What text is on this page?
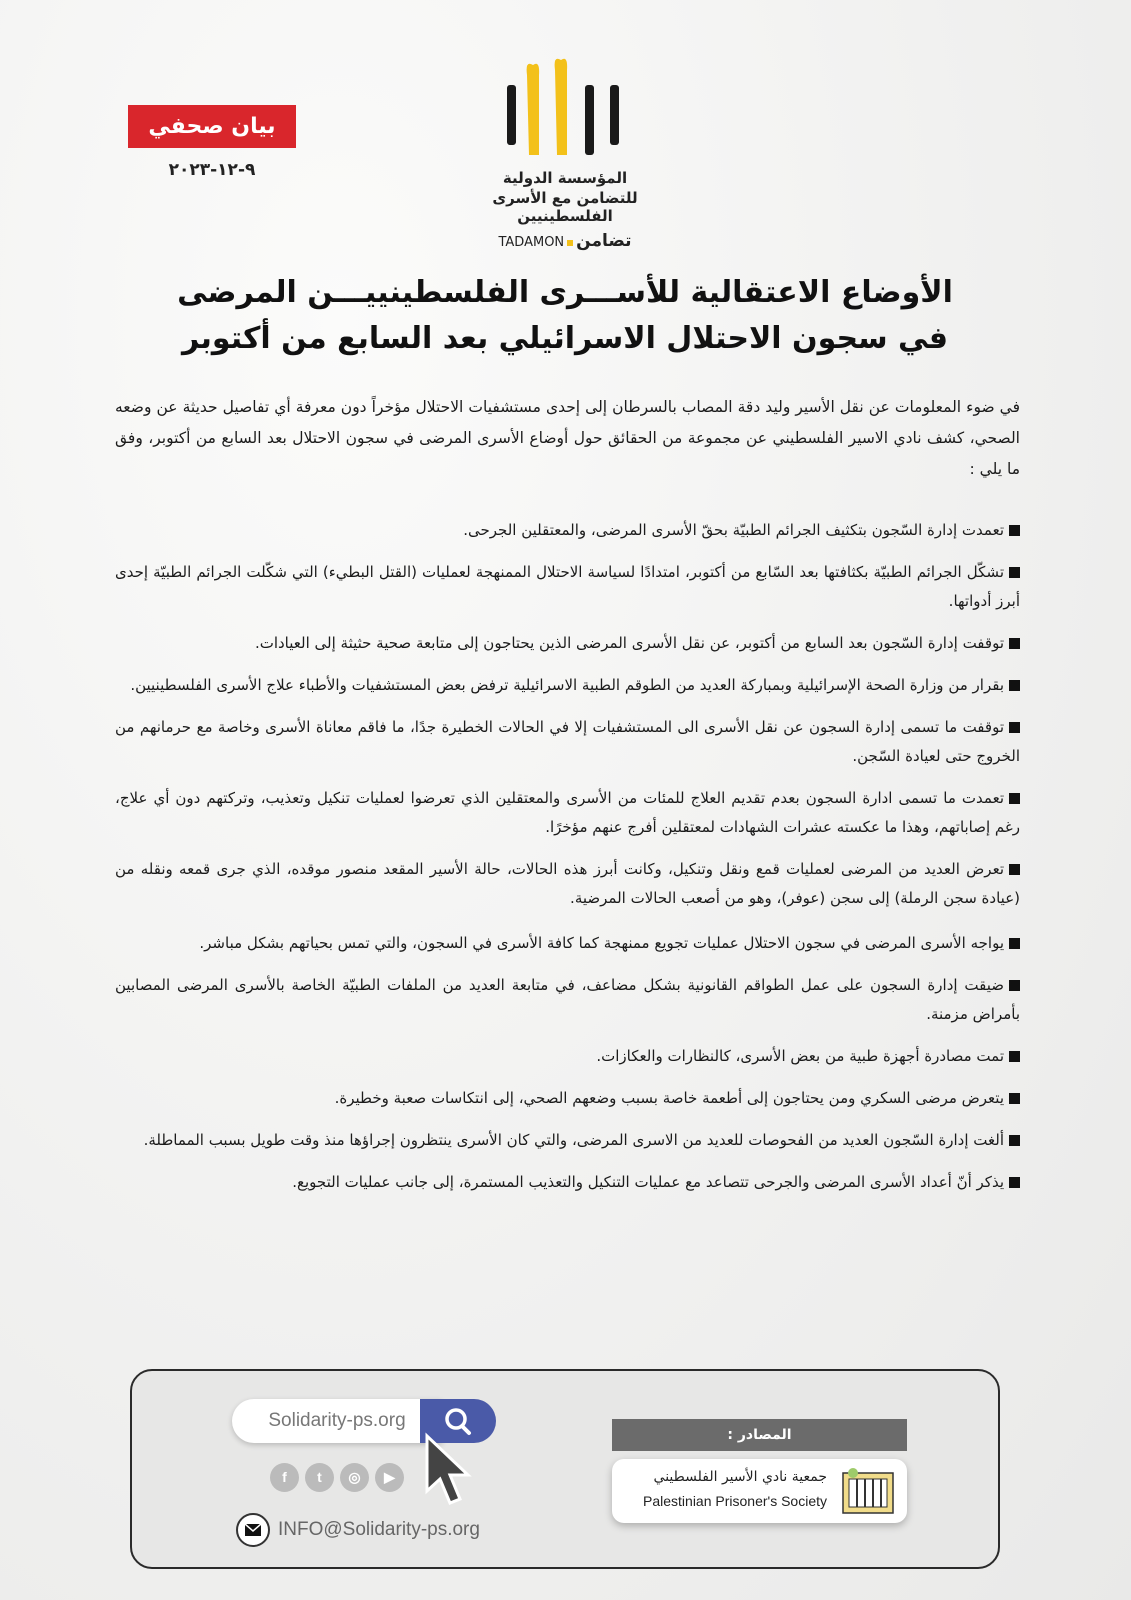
المؤسسة الدولية
للتضامن مع الأسرى الفلسطينيين
TADAMON تضامن
بيان صحفي
٩-١٢-٢٠٢٣
الأوضاع الاعتقالية للأســـرى الفلسطينييـــن المرضى
في سجون الاحتلال الاسرائيلي بعد السابع من أكتوبر
في ضوء المعلومات عن نقل الأسير وليد دقة المصاب بالسرطان إلى إحدى مستشفيات الاحتلال مؤخراً دون معرفة أي تفاصيل حديثة عن وضعه الصحي، كشف نادي الاسير الفلسطيني عن مجموعة من الحقائق حول أوضاع الأسرى المرضى في سجون الاحتلال بعد السابع من أكتوبر، وفق ما يلي :
تعمدت إدارة السّجون بتكثيف الجرائم الطبيّة بحقّ الأسرى المرضى، والمعتقلين الجرحى.
تشكّل الجرائم الطبيّة بكثافتها بعد السّابع من أكتوبر، امتدادًا لسياسة الاحتلال الممنهجة لعمليات (القتل البطيء) التي شكّلت الجرائم الطبيّة إحدى أبرز أدواتها.
توقفت إدارة السّجون بعد السابع من أكتوبر، عن نقل الأسرى المرضى الذين يحتاجون إلى متابعة صحية حثيثة إلى العيادات.
بقرار من وزارة الصحة الإسرائيلية وبمباركة العديد من الطوقم الطبية الاسرائيلية ترفض بعض المستشفيات والأطباء علاج الأسرى الفلسطينيين.
توقفت ما تسمى إدارة السجون عن نقل الأسرى الى المستشفيات إلا في الحالات الخطيرة جدًا، ما فاقم معاناة الأسرى وخاصة مع حرمانهم من الخروج حتى لعيادة السّجن.
تعمدت ما تسمى ادارة السجون بعدم تقديم العلاج للمئات من الأسرى والمعتقلين الذي تعرضوا لعمليات تنكيل وتعذيب، وتركتهم دون أي علاج، رغم إصاباتهم، وهذا ما عكسته عشرات الشهادات لمعتقلين أفرج عنهم مؤخرًا.
تعرض العديد من المرضى لعمليات قمع ونقل وتنكيل، وكانت أبرز هذه الحالات، حالة الأسير المقعد منصور موقده، الذي جرى قمعه ونقله من (عيادة سجن الرملة) إلى سجن (عوفر)، وهو من أصعب الحالات المرضية.
يواجه الأسرى المرضى في سجون الاحتلال عمليات تجويع ممنهجة كما كافة الأسرى في السجون، والتي تمس بحياتهم بشكل مباشر.
ضيقت إدارة السجون على عمل الطواقم القانونية بشكل مضاعف، في متابعة العديد من الملفات الطبيّة الخاصة بالأسرى المرضى المصابين بأمراض مزمنة.
تمت مصادرة أجهزة طبية من بعض الأسرى، كالنظارات والعكازات.
يتعرض مرضى السكري ومن يحتاجون إلى أطعمة خاصة بسبب وضعهم الصحي، إلى انتكاسات صعبة وخطيرة.
ألغت إدارة السّجون العديد من الفحوصات للعديد من الاسرى المرضى، والتي كان الأسرى ينتظرون إجراؤها منذ وقت طويل بسبب المماطلة.
يذكر أنّ أعداد الأسرى المرضى والجرحى تتصاعد مع عمليات التنكيل والتعذيب المستمرة، إلى جانب عمليات التجويع.
Solidarity-ps.org
f	t	◎	▶
INFO@Solidarity-ps.org
المصادر :
جمعية نادي الأسير الفلسطيني
Palestinian Prisoner's Society
